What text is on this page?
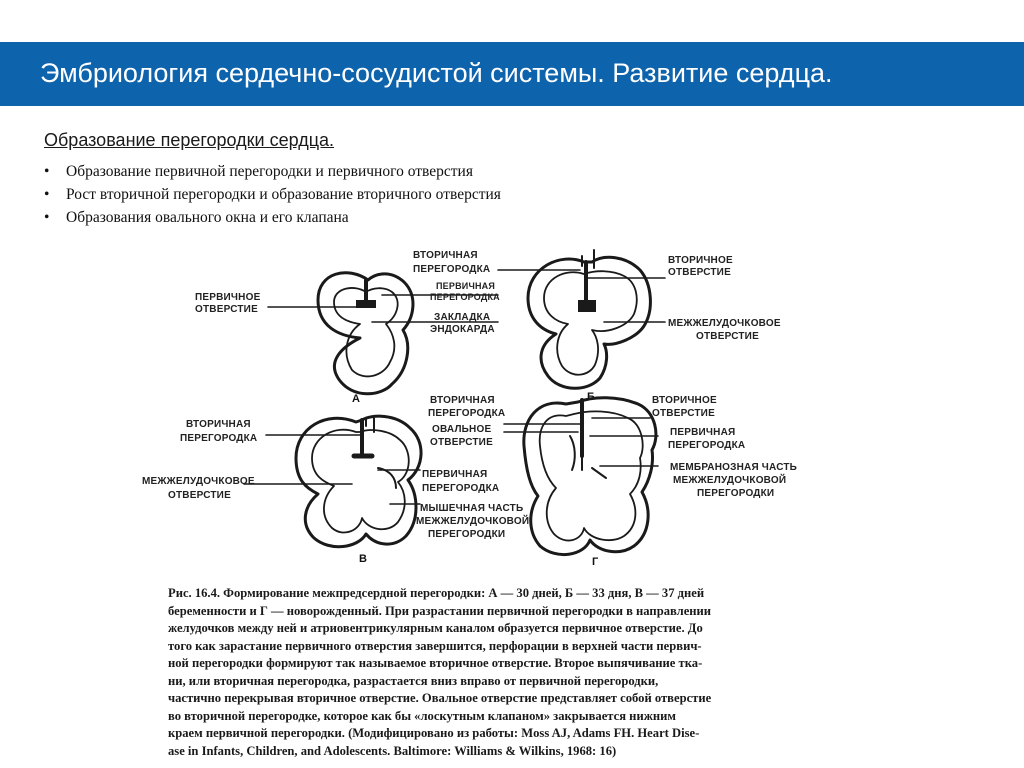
Эмбриология сердечно-сосудистой системы. Развитие сердца.
Образование перегородки сердца.
• Образование первичной перегородки и первичного отверстия
• Рост вторичной перегородки и образование вторичного отверстия
• Образования овального окна и его клапана
А	Б
В	Г
ПЕРВИЧНОЕ
ОТВЕРСТИЕ
ВТОРИЧНАЯ
ПЕРЕГОРОДКА
ПЕРВИЧНАЯ
ПЕРЕГОРОДКА
ЗАКЛАДКА
ЭНДОКАРДА
ВТОРИЧНОЕ
ОТВЕРСТИЕ
МЕЖЖЕЛУДОЧКОВОЕ
ОТВЕРСТИЕ
ВТОРИЧНАЯ
ПЕРЕГОРОДКА
МЕЖЖЕЛУДОЧКОВОЕ
ОТВЕРСТИЕ
ПЕРВИЧНАЯ
ПЕРЕГОРОДКА
МЫШЕЧНАЯ ЧАСТЬ
МЕЖЖЕЛУДОЧКОВОЙ
ПЕРЕГОРОДКИ
ВТОРИЧНАЯ
ПЕРЕГОРОДКА
ОВАЛЬНОЕ
ОТВЕРСТИЕ
ВТОРИЧНОЕ
ОТВЕРСТИЕ
ПЕРВИЧНАЯ
ПЕРЕГОРОДКА
МЕМБРАНОЗНАЯ ЧАСТЬ
МЕЖЖЕЛУДОЧКОВОЙ
ПЕРЕГОРОДКИ
Рис. 16.4. Формирование межпредсердной перегородки: А — 30 дней, Б — 33 дня, В — 37 дней
беременности и Г — новорожденный. При разрастании первичной перегородки в направлении
желудочков между ней и атриовентрикулярным каналом образуется первичное отверстие. До
того как зарастание первичного отверстия завершится, перфорации в верхней части первич-
ной перегородки формируют так называемое вторичное отверстие. Второе выпячивание тка-
ни, или вторичная перегородка, разрастается вниз вправо от первичной перегородки,
частично перекрывая вторичное отверстие. Овальное отверстие представляет собой отверстие
во вторичной перегородке, которое как бы «лоскутным клапаном» закрывается нижним
краем первичной перегородки. (Модифицировано из работы: Moss AJ, Adams FH. Heart Dise-
ase in Infants, Children, and Adolescents. Baltimore: Williams & Wilkins, 1968: 16)
